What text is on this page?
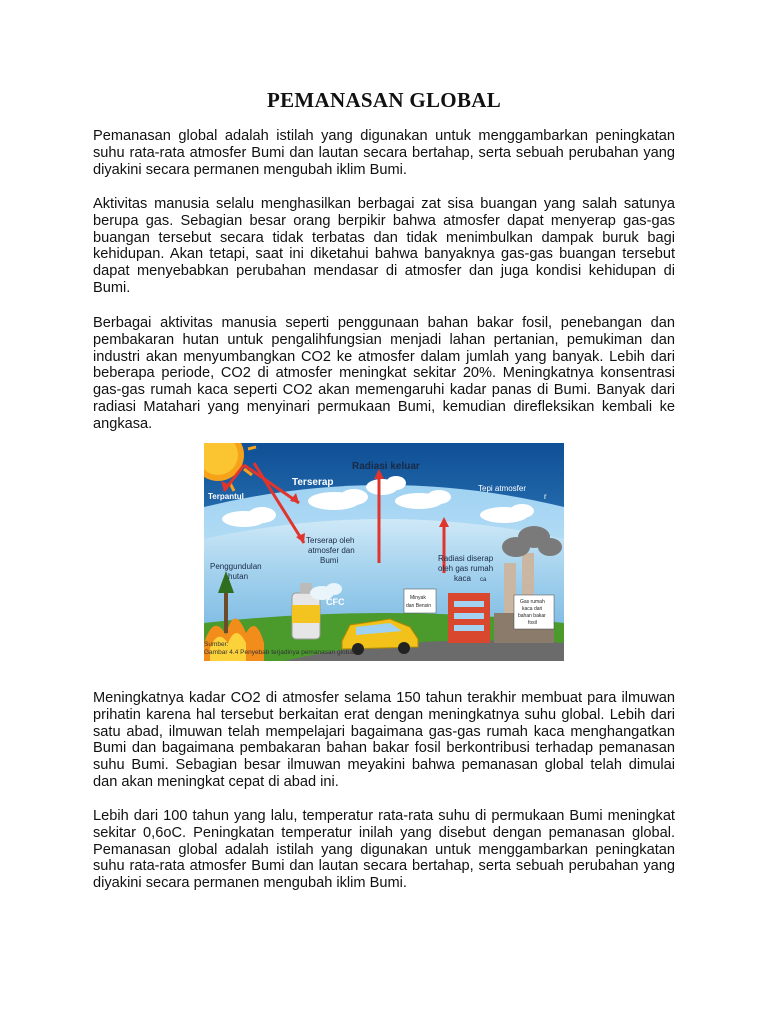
PEMANASAN GLOBAL

Pemanasan global adalah istilah yang digunakan untuk menggambarkan peningkatan suhu rata-rata atmosfer Bumi dan lautan secara bertahap, serta sebuah perubahan yang diyakini secara permanen mengubah iklim Bumi.

Aktivitas manusia selalu menghasilkan berbagai zat sisa buangan yang salah satunya berupa gas. Sebagian besar orang berpikir bahwa atmosfer dapat menyerap gas-gas buangan tersebut secara tidak terbatas dan tidak menimbulkan dampak buruk bagi kehidupan. Akan tetapi, saat ini diketahui bahwa banyaknya gas-gas buangan tersebut dapat menyebabkan perubahan mendasar di atmosfer dan juga kondisi kehidupan di Bumi.

Berbagai aktivitas manusia seperti penggunaan bahan bakar fosil, penebangan dan pembakaran hutan untuk pengalihfungsian menjadi lahan pertanian, pemukiman dan industri akan menyumbangkan CO2 ke atmosfer dalam jumlah yang banyak. Lebih dari beberapa periode, CO2 di atmosfer meningkat sekitar 20%. Meningkatnya konsentrasi gas-gas rumah kaca seperti CO2 akan memengaruhi kadar panas di Bumi. Banyak dari radiasi Matahari yang menyinari permukaan Bumi, kemudian direfleksikan kembali ke angkasa.

Radiasi keluar
Terserap
Terpantul
Tepi atmosfer
r
Terserap oleh
atmosfer dan
Bumi
Penggundulan
hutan
Radiasi diserap
oleh gas rumah
kaca ca
CFC	Minyak
dan Bensin
Gas rumah
kaca dari
bahan bakar
fosil
Sumber:
Gambar 4.4 Penyebab terjadinya pemanasan global

Meningkatnya kadar CO2 di atmosfer selama 150 tahun terakhir membuat para ilmuwan prihatin karena hal tersebut berkaitan erat dengan meningkatnya suhu global. Lebih dari satu abad, ilmuwan telah mempelajari bagaimana gas-gas rumah kaca menghangatkan Bumi dan bagaimana pembakaran bahan bakar fosil berkontribusi terhadap pemanasan suhu Bumi. Sebagian besar ilmuwan meyakini bahwa pemanasan global telah dimulai dan akan meningkat cepat di abad ini.

Lebih dari 100 tahun yang lalu, temperatur rata-rata suhu di permukaan Bumi meningkat sekitar 0,6oC. Peningkatan temperatur inilah yang disebut dengan pemanasan global. Pemanasan global adalah istilah yang digunakan untuk menggambarkan peningkatan suhu rata-rata atmosfer Bumi dan lautan secara bertahap, serta sebuah perubahan yang diyakini secara permanen mengubah iklim Bumi.
